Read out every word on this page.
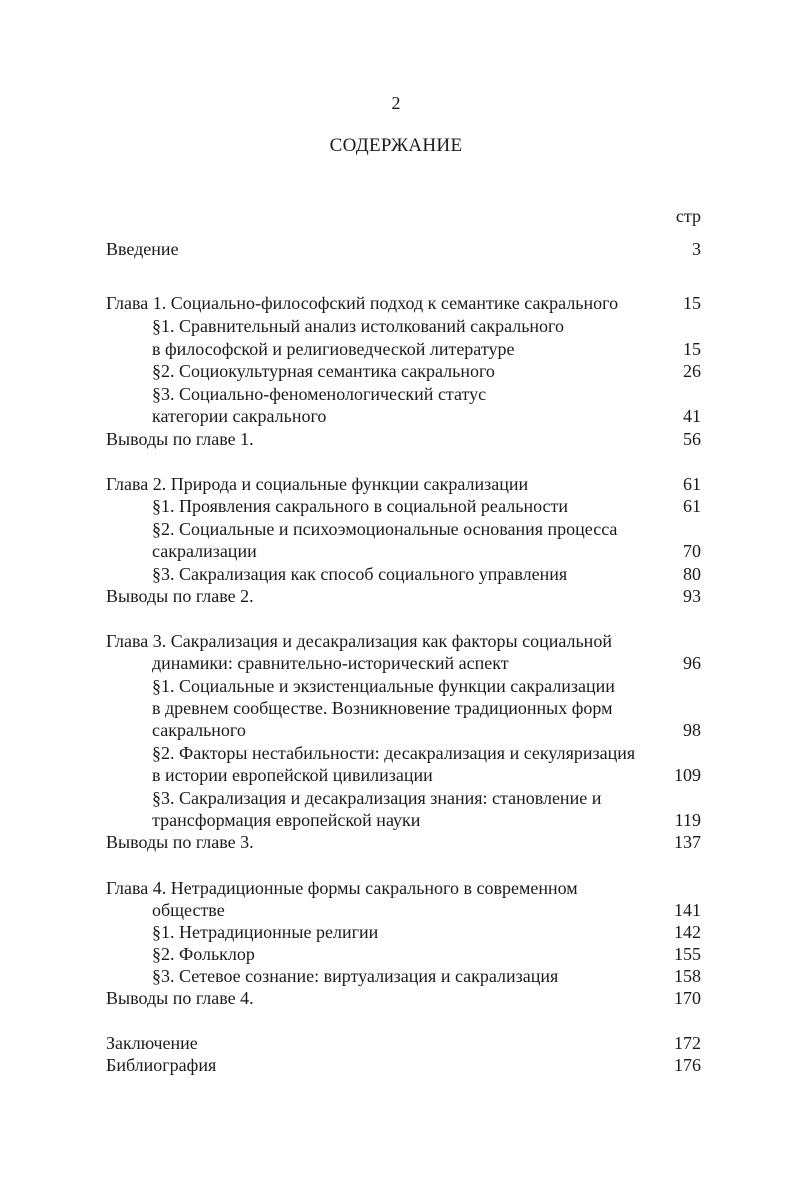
2
СОДЕРЖАНИЕ
стр
Введение	3
Глава 1. Социально-философский подход к семантике сакрального	15
§1. Сравнительный анализ истолкований сакрального
в философской и религиоведческой литературе	15
§2. Социокультурная семантика сакрального	26
§3. Социально-феноменологический статус
категории сакрального	41
Выводы по главе 1.	56
Глава 2. Природа и социальные функции сакрализации	61
§1. Проявления сакрального в социальной реальности	61
§2. Социальные и психоэмоциональные основания процесса
сакрализации	70
§3. Сакрализация как способ социального управления	80
Выводы по главе 2.	93
Глава 3. Сакрализация и десакрализация как факторы социальной
динамики: сравнительно-исторический аспект	96
§1. Социальные и экзистенциальные функции сакрализации
в древнем сообществе. Возникновение традиционных форм
сакрального	98
§2. Факторы нестабильности: десакрализация и секуляризация
в истории европейской цивилизации	109
§3. Сакрализация и десакрализация знания: становление и
трансформация европейской науки	119
Выводы по главе 3.	137
Глава 4. Нетрадиционные формы сакрального в современном
обществе	141
§1. Нетрадиционные религии	142
§2. Фольклор	155
§3. Сетевое сознание: виртуализация и сакрализация	158
Выводы по главе 4.	170
Заключение	172
Библиография	176
